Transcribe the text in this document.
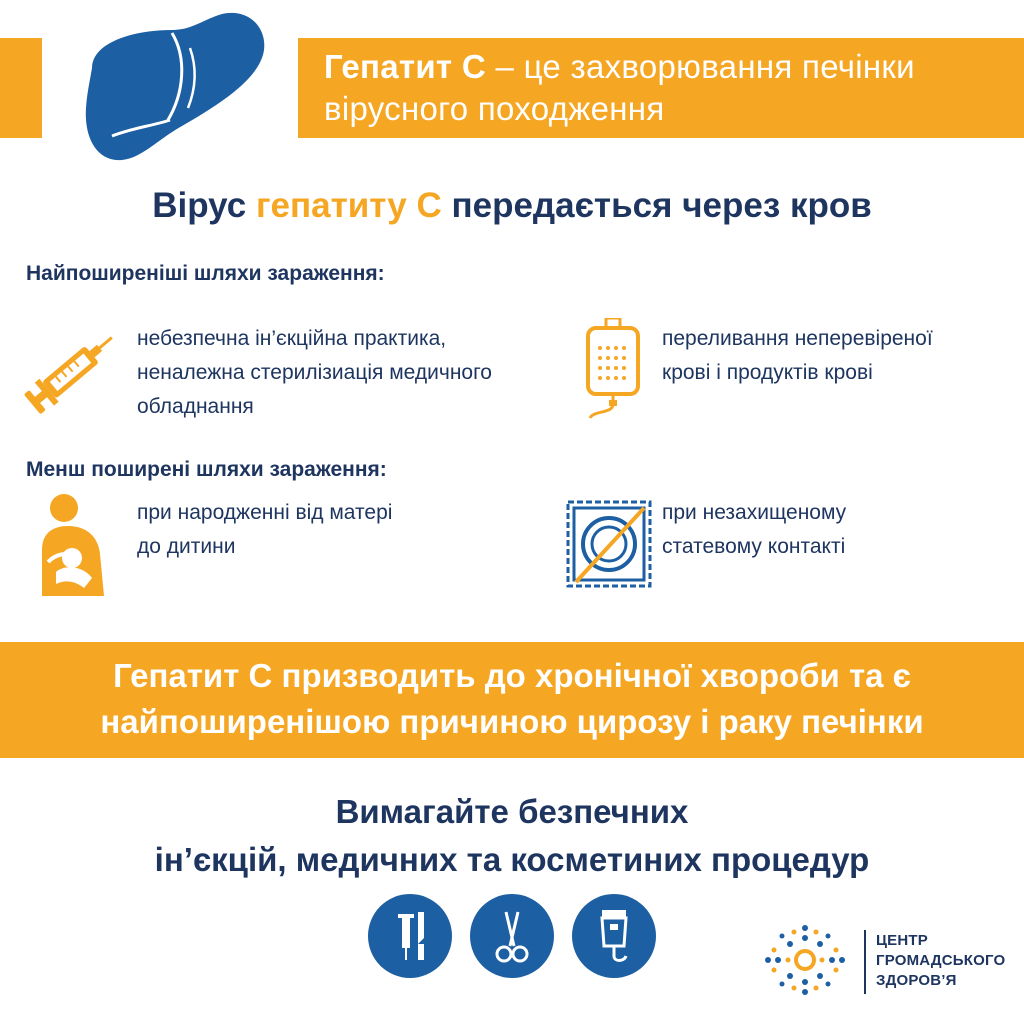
Гепатит С – це захворювання печінки
вірусного походження
Вірус гепатиту С передається через кров
Найпоширеніші шляхи зараження:
небезпечна ін’єкційна практика,
неналежна стерилізиація медичного
обладнання
переливання неперевіреної
крові і продуктів крові
Менш поширені шляхи зараження:
при народженні від матері
до дитини
при незахищеному
статевому контакті
Гепатит С призводить до хронічної хвороби та є
найпоширенішою причиною цирозу і раку печінки
Вимагайте безпечних
ін’єкцій, медичних та косметиних процедур
ЦЕНТР
ГРОМАДСЬКОГО
ЗДОРОВ’Я
